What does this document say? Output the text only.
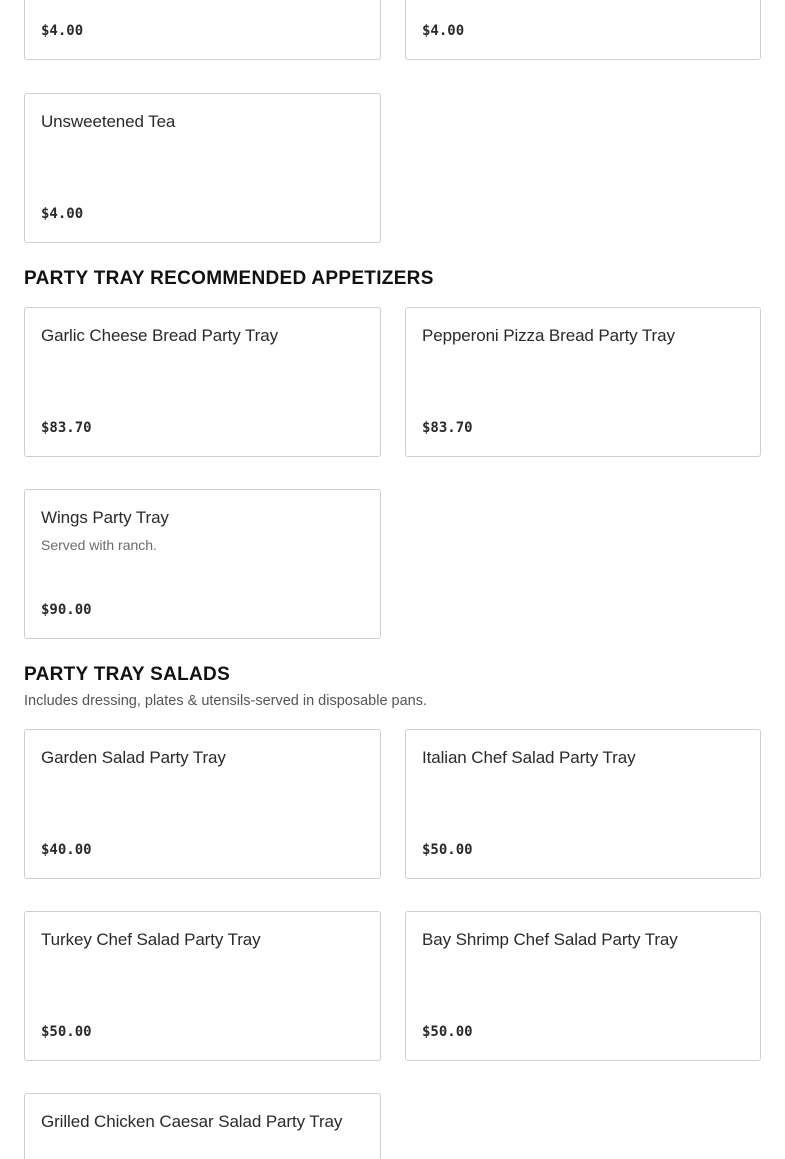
$4.00	$4.00
Unsweetened Tea
$4.00
PARTY TRAY RECOMMENDED APPETIZERS
Garlic Cheese Bread Party Tray
$83.70
Pepperoni Pizza Bread Party Tray
$83.70
Wings Party Tray
Served with ranch.
$90.00
PARTY TRAY SALADS
Includes dressing, plates & utensils-served in disposable pans.
Garden Salad Party Tray
$40.00
Italian Chef Salad Party Tray
$50.00
Turkey Chef Salad Party Tray
$50.00
Bay Shrimp Chef Salad Party Tray
$50.00
Grilled Chicken Caesar Salad Party Tray
